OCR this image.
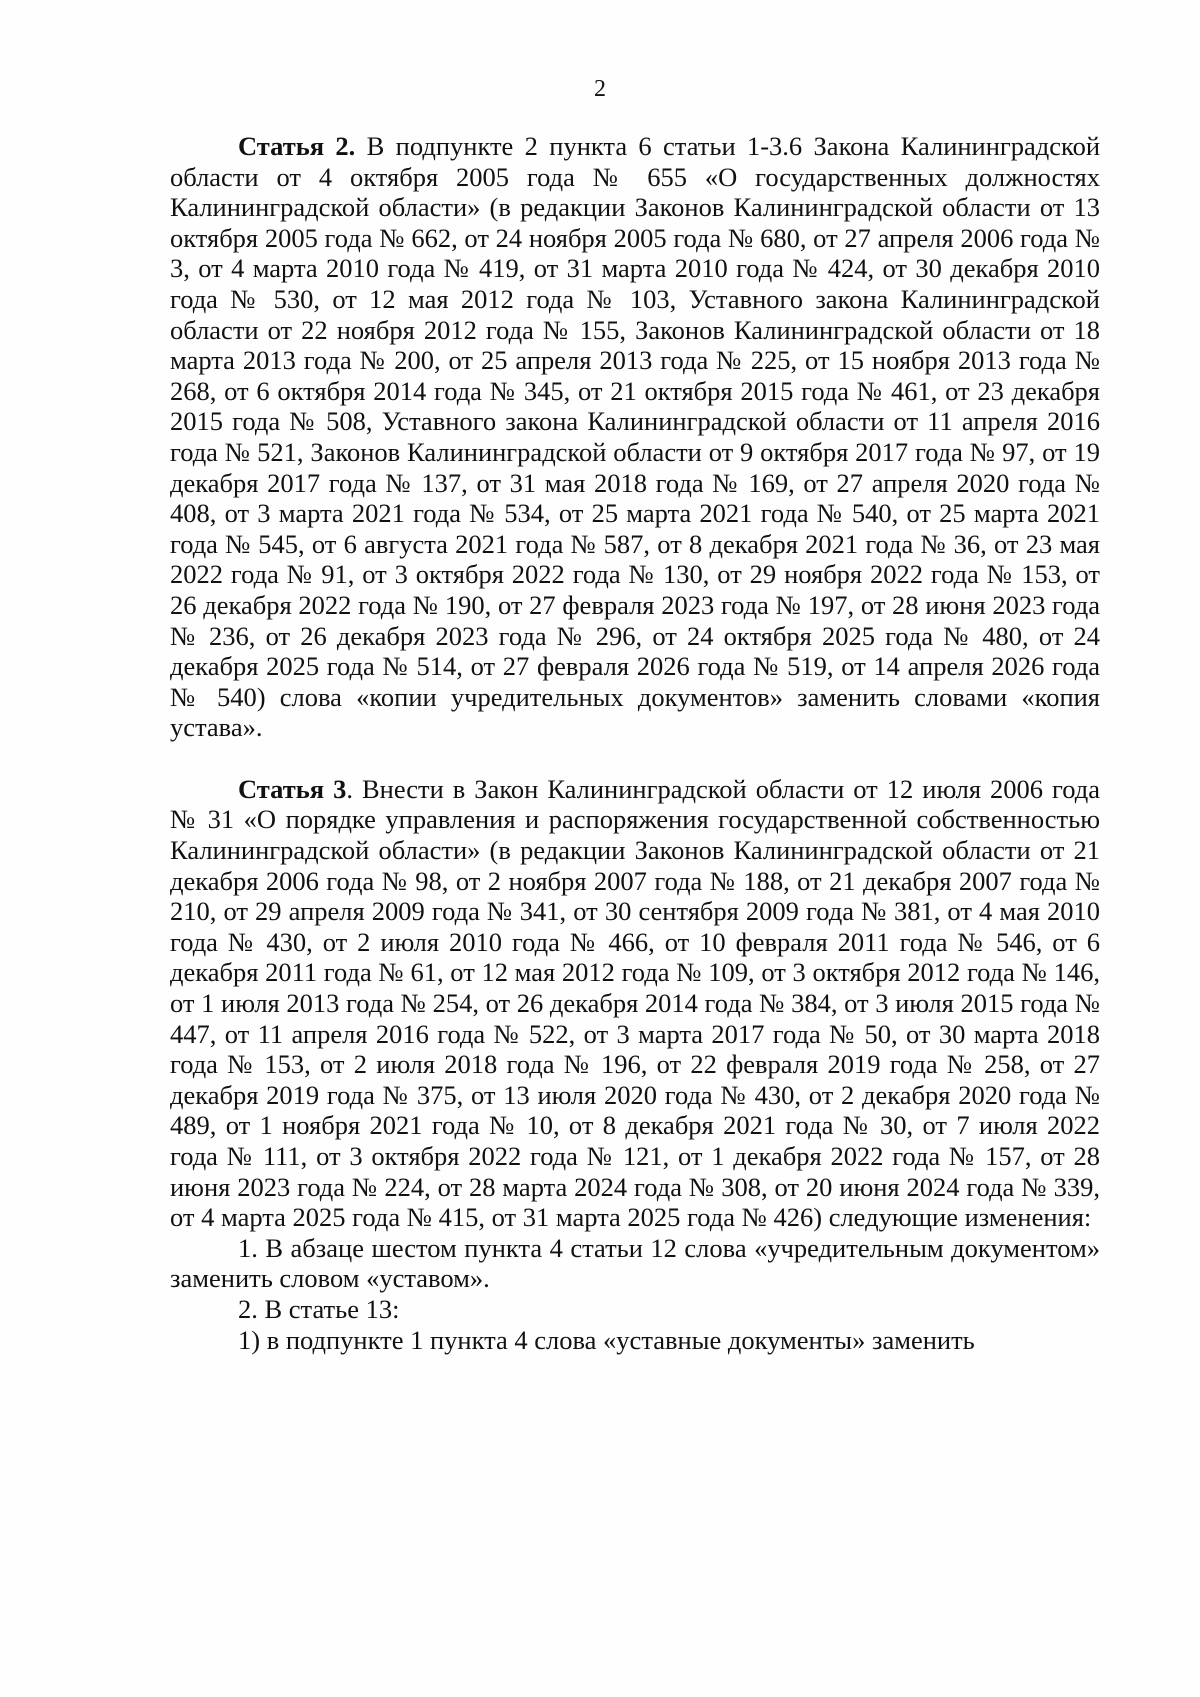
2

Статья 2. В подпункте 2 пункта 6 статьи 1-3.6 Закона Калининградской области от 4 октября 2005 года № 655 «О государственных должностях Калининградской области» (в редакции Законов Калининградской области от 13 октября 2005 года № 662, от 24 ноября 2005 года № 680, от 27 апреля 2006 года № 3, от 4 марта 2010 года № 419, от 31 марта 2010 года № 424, от 30 декабря 2010 года № 530, от 12 мая 2012 года № 103, Уставного закона Калининградской области от 22 ноября 2012 года № 155, Законов Калининградской области от 18 марта 2013 года № 200, от 25 апреля 2013 года № 225, от 15 ноября 2013 года № 268, от 6 октября 2014 года № 345, от 21 октября 2015 года № 461, от 23 декабря 2015 года № 508, Уставного закона Калининградской области от 11 апреля 2016 года № 521, Законов Калининградской области от 9 октября 2017 года № 97, от 19 декабря 2017 года № 137, от 31 мая 2018 года № 169, от 27 апреля 2020 года № 408, от 3 марта 2021 года № 534, от 25 марта 2021 года № 540, от 25 марта 2021 года № 545, от 6 августа 2021 года № 587, от 8 декабря 2021 года № 36, от 23 мая 2022 года № 91, от 3 октября 2022 года № 130, от 29 ноября 2022 года № 153, от 26 декабря 2022 года № 190, от 27 февраля 2023 года № 197, от 28 июня 2023 года № 236, от 26 декабря 2023 года № 296, от 24 октября 2025 года № 480, от 24 декабря 2025 года № 514, от 27 февраля 2026 года № 519, от 14 апреля 2026 года № 540) слова «копии учредительных документов» заменить словами «копия устава».

Статья 3. Внести в Закон Калининградской области от 12 июля 2006 года № 31 «О порядке управления и распоряжения государственной собственностью Калининградской области» (в редакции Законов Калининградской области от 21 декабря 2006 года № 98, от 2 ноября 2007 года № 188, от 21 декабря 2007 года № 210, от 29 апреля 2009 года № 341, от 30 сентября 2009 года № 381, от 4 мая 2010 года № 430, от 2 июля 2010 года № 466, от 10 февраля 2011 года № 546, от 6 декабря 2011 года № 61, от 12 мая 2012 года № 109, от 3 октября 2012 года № 146, от 1 июля 2013 года № 254, от 26 декабря 2014 года № 384, от 3 июля 2015 года № 447, от 11 апреля 2016 года № 522, от 3 марта 2017 года № 50, от 30 марта 2018 года № 153, от 2 июля 2018 года № 196, от 22 февраля 2019 года № 258, от 27 декабря 2019 года № 375, от 13 июля 2020 года № 430, от 2 декабря 2020 года № 489, от 1 ноября 2021 года № 10, от 8 декабря 2021 года № 30, от 7 июля 2022 года № 111, от 3 октября 2022 года № 121, от 1 декабря 2022 года № 157, от 28 июня 2023 года № 224, от 28 марта 2024 года № 308, от 20 июня 2024 года № 339, от 4 марта 2025 года № 415, от 31 марта 2025 года № 426) следующие изменения:

1. В абзаце шестом пункта 4 статьи 12 слова «учредительным документом» заменить словом «уставом».

2. В статье 13:

1) в подпункте 1 пункта 4 слова «уставные документы» заменить
